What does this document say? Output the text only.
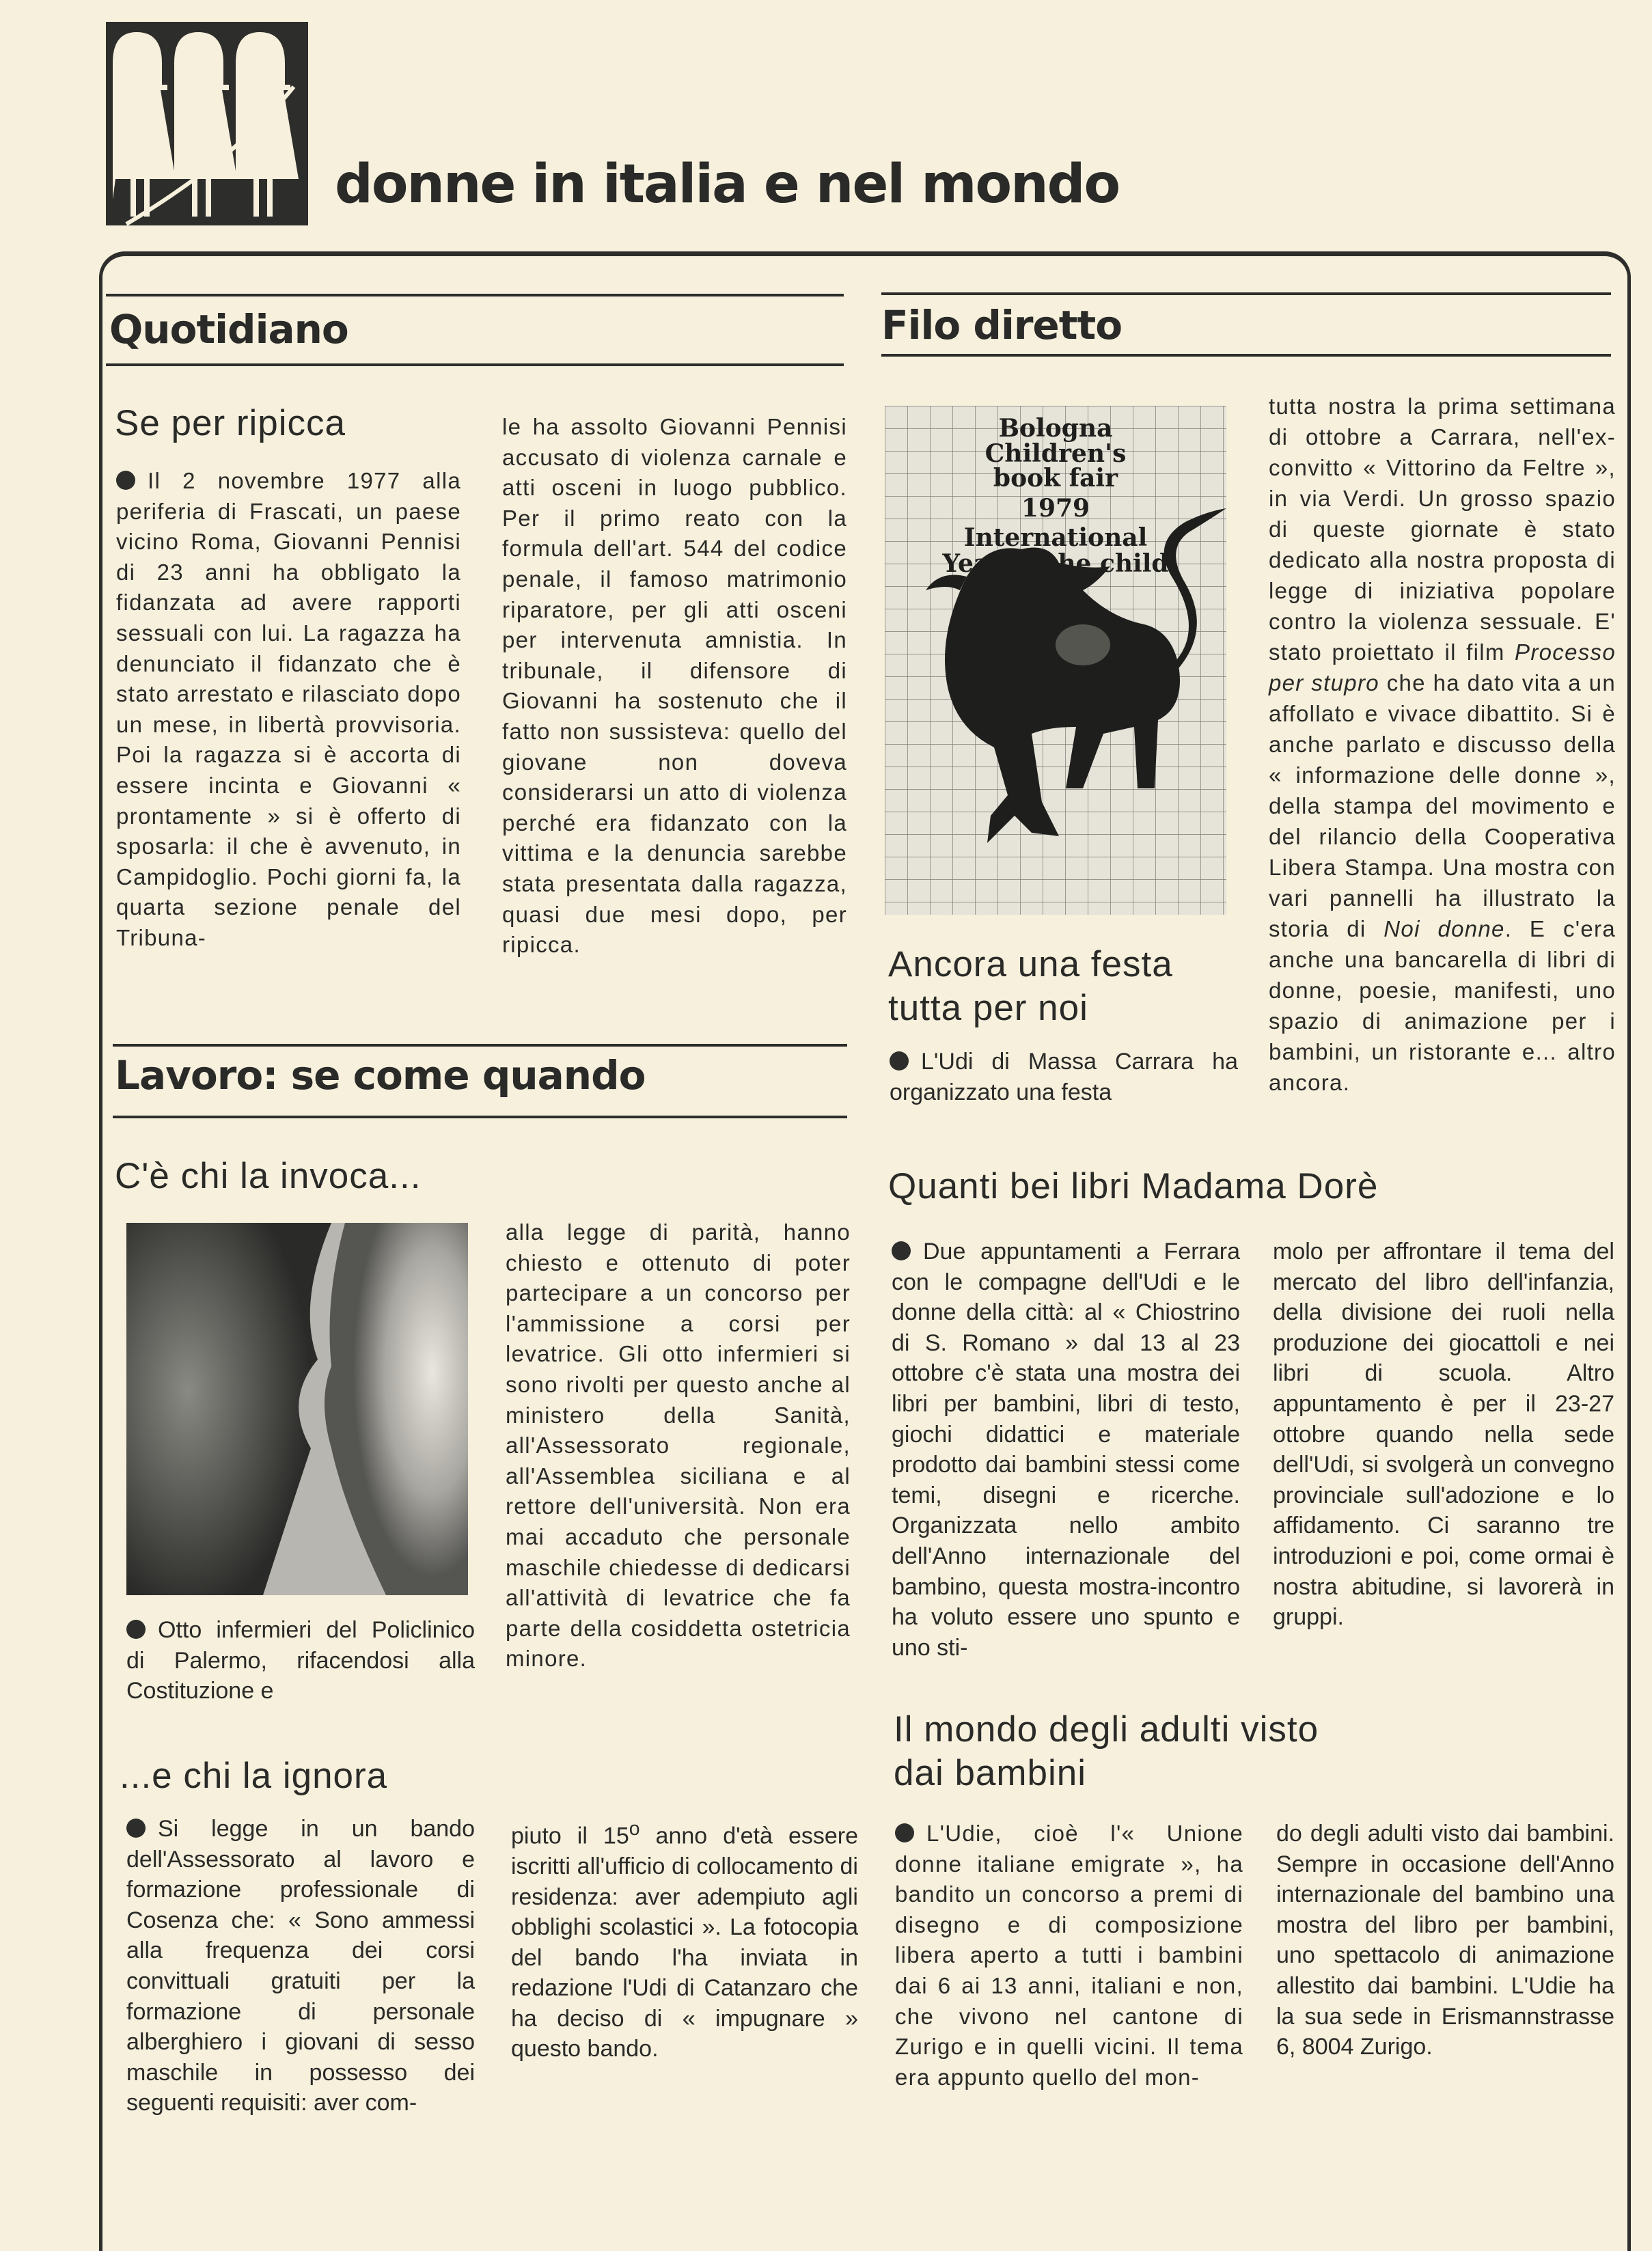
donne in italia e nel mondo
Quotidiano
Se per ripicca
Il 2 novembre 1977 alla periferia di Frascati, un paese vicino Roma, Giovanni Pennisi di 23 anni ha obbligato la fidanzata ad avere rapporti sessuali con lui. La ragazza ha denunciato il fidanzato che è stato arrestato e rilasciato dopo un mese, in libertà provvisoria. Poi la ragazza si è accorta di essere incinta e Giovanni « prontamente » si è offerto di sposarla: il che è avvenuto, in Campidoglio. Pochi giorni fa, la quarta sezione penale del Tribuna-
le ha assolto Giovanni Pennisi accusato di violenza carnale e atti osceni in luogo pubblico. Per il primo reato con la formula dell'art. 544 del codice penale, il famoso matrimonio riparatore, per gli atti osceni per intervenuta amnistia. In tribunale, il difensore di Giovanni ha sostenuto che il fatto non sussisteva: quello del giovane non doveva considerarsi un atto di violenza perché era fidanzato con la vittima e la denuncia sarebbe stata presentata dalla ragazza, quasi due mesi dopo, per ripicca.
Filo diretto
Bologna
Children's
book fair
1979
International
Year of the child
Ancora una festa
tutta per noi
L'Udi di Massa Carrara ha organizzato una festa
tutta nostra la prima settimana di ottobre a Carrara, nell'ex-convitto « Vittorino da Feltre », in via Verdi. Un grosso spazio di queste giornate è stato dedicato alla nostra proposta di legge di iniziativa popolare contro la violenza sessuale. E' stato proiettato il film Processo per stupro che ha dato vita a un affollato e vivace dibattito. Si è anche parlato e discusso della « informazione delle donne », della stampa del movimento e del rilancio della Cooperativa Libera Stampa. Una mostra con vari pannelli ha illustrato la storia di Noi donne. E c'era anche una bancarella di libri di donne, poesie, manifesti, uno spazio di animazione per i bambini, un ristorante e... altro ancora.
Quanti bei libri Madama Dorè
Due appuntamenti a Ferrara con le compagne dell'Udi e le donne della città: al « Chiostrino di S. Romano » dal 13 al 23 ottobre c'è stata una mostra dei libri per bambini, libri di testo, giochi didattici e materiale prodotto dai bambini stessi come temi, disegni e ricerche. Organizzata nello ambito dell'Anno internazionale del bambino, questa mostra-incontro ha voluto essere uno spunto e uno sti-
molo per affrontare il tema del mercato del libro dell'infanzia, della divisione dei ruoli nella produzione dei giocattoli e nei libri di scuola. Altro appuntamento è per il 23-27 ottobre quando nella sede dell'Udi, si svolgerà un convegno provinciale sull'adozione e lo affidamento. Ci saranno tre introduzioni e poi, come ormai è nostra abitudine, si lavorerà in gruppi.
Il mondo degli adulti visto
dai bambini
L'Udie, cioè l'« Unione donne italiane emigrate », ha bandito un concorso a premi di disegno e di composizione libera aperto a tutti i bambini dai 6 ai 13 anni, italiani e non, che vivono nel cantone di Zurigo e in quelli vicini. Il tema era appunto quello del mon-
do degli adulti visto dai bambini. Sempre in occasione dell'Anno internazionale del bambino una mostra del libro per bambini, uno spettacolo di animazione allestito dai bambini. L'Udie ha la sua sede in Erismannstrasse 6, 8004 Zurigo.
Lavoro: se come quando
C'è chi la invoca...
Otto infermieri del Policlinico di Palermo, rifacendosi alla Costituzione e
alla legge di parità, hanno chiesto e ottenuto di poter partecipare a un concorso per l'ammissione a corsi per levatrice. Gli otto infermieri si sono rivolti per questo anche al ministero della Sanità, all'Assessorato regionale, all'Assemblea siciliana e al rettore dell'università. Non era mai accaduto che personale maschile chiedesse di dedicarsi all'attività di levatrice che fa parte della cosiddetta ostetricia minore.
...e chi la ignora
Si legge in un bando dell'Assessorato al lavoro e formazione professionale di Cosenza che: « Sono ammessi alla frequenza dei corsi convittuali gratuiti per la formazione di personale alberghiero i giovani di sesso maschile in possesso dei seguenti requisiti: aver com-
piuto il 15$^o$ anno d'età essere iscritti all'ufficio di collocamento di residenza: aver adempiuto agli obblighi scolastici ». La fotocopia del bando l'ha inviata in redazione l'Udi di Catanzaro che ha deciso di « impugnare » questo bando.
